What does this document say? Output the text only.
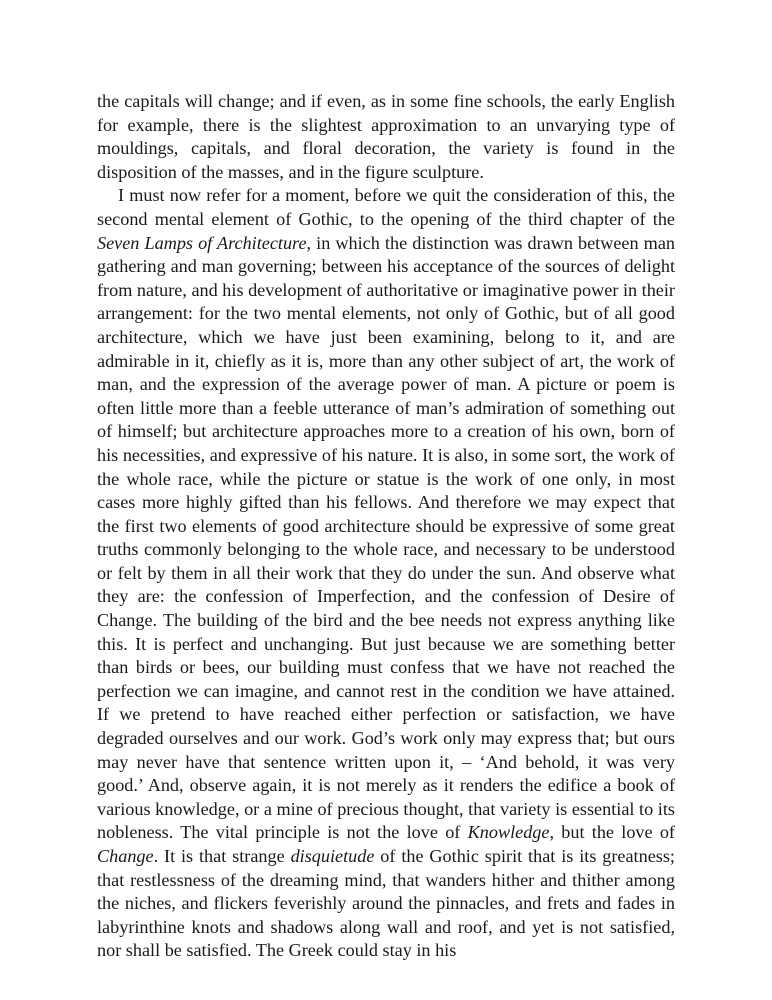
the capitals will change; and if even, as in some fine schools, the early English for example, there is the slightest approximation to an unvarying type of mouldings, capitals, and floral decoration, the variety is found in the disposition of the masses, and in the figure sculpture.

I must now refer for a moment, before we quit the consideration of this, the second mental element of Gothic, to the opening of the third chapter of the Seven Lamps of Architecture, in which the distinction was drawn between man gathering and man governing; between his acceptance of the sources of delight from nature, and his development of authoritative or imaginative power in their arrangement: for the two mental elements, not only of Gothic, but of all good architecture, which we have just been examining, belong to it, and are admirable in it, chiefly as it is, more than any other subject of art, the work of man, and the expression of the average power of man. A picture or poem is often little more than a feeble utterance of man’s admiration of something out of himself; but architecture approaches more to a creation of his own, born of his necessities, and expressive of his nature. It is also, in some sort, the work of the whole race, while the picture or statue is the work of one only, in most cases more highly gifted than his fellows. And therefore we may expect that the first two elements of good architecture should be expressive of some great truths commonly belonging to the whole race, and necessary to be understood or felt by them in all their work that they do under the sun. And observe what they are: the confession of Imperfection, and the confession of Desire of Change. The building of the bird and the bee needs not express anything like this. It is perfect and unchanging. But just because we are something better than birds or bees, our building must confess that we have not reached the perfection we can imagine, and cannot rest in the condition we have attained. If we pretend to have reached either perfection or satisfaction, we have degraded ourselves and our work. God’s work only may express that; but ours may never have that sentence written upon it, – ‘And behold, it was very good.’ And, observe again, it is not merely as it renders the edifice a book of various knowledge, or a mine of precious thought, that variety is essential to its nobleness. The vital principle is not the love of Knowledge, but the love of Change. It is that strange disquietude of the Gothic spirit that is its greatness; that restlessness of the dreaming mind, that wanders hither and thither among the niches, and flickers feverishly around the pinnacles, and frets and fades in labyrinthine knots and shadows along wall and roof, and yet is not satisfied, nor shall be satisfied. The Greek could stay in his
